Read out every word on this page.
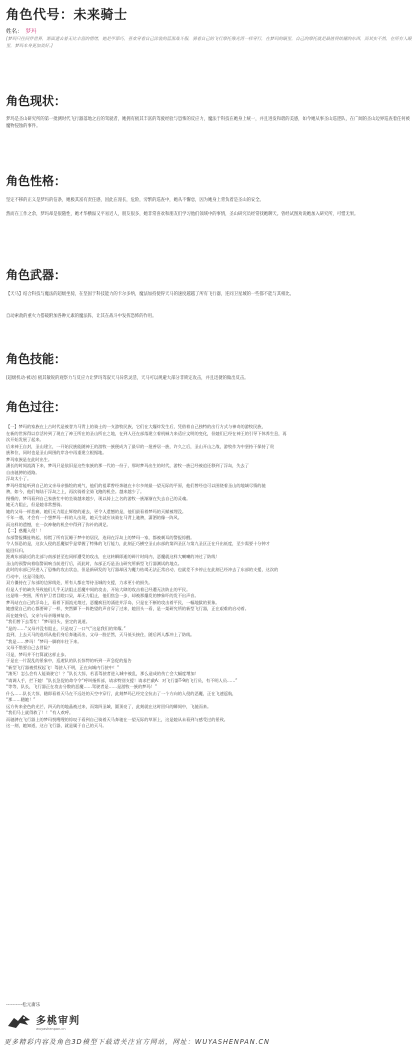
角色代号：未来骑士
姓名： 梦玛
[梦玛只往同伴世界，渐面遗去着无比丰富的情绪，她是甲耶巧，喜欢穿着自己涂装的蓝黑战斗服，骑着自己的飞行摩托像光湾一样穿行，在梦玛的眼里，自己的摩托就是最值得炫耀的东西，而其实不然，在所有人眼里，梦玛本身更加美好。]
角色现状：
梦玛是圣山研究所的第一批测时代飞行器落地之后的驾驶者，她拥有极其丰富的驾驶经验与恐怖的反应力，魔法于科技在她身上统一，并且进发和谐的美感，如今她从事圣山巡逻队，在广阔的圣山边界巡查着任何被魔物侵蚀的事件。
角色性格：
坚定不移的正义是梦玛的信条，她极其富有责任感，因此在漫长，危险，旁繁的巡查中，她从不懈怠，因为她身上背负着是圣山的安全。
然而在工作之余，梦玛却是很随性，她才华横溢又平易近人，朋友很多，她非常喜欢和朋友们学习他们领域中的事情，圣山研究员经常找她聊天。曾经试图劝说她加入研究所，可惜无果。
角色武器：
【天马】结合科技与魔法的超级坐骑，在坚固于科技能力的卡尔多纳，魔法加持使得天马的速度越越了所有飞行器，连同卫星城的一些都不能与其相比。
自动索敌的重火力搭载附加各种元素的魔法阵，让其在战斗中发挥恐怖的作用。
角色技能：
[超级机动·被动] 极其敏锐的观察力与反应力让梦玛驾驭天马异常灵活，天马可以规避大部分非锁定攻击，并且迅捷的做出反击。
角色过往：

【一】梦玛的家族在上古时代是被誉为马背上的骑士的一支游牧民族，它们在大爆炸发生后，凭借着自己独特的出行方式与神奇的游牧民族，

在新的世界得以存活传到了现在了神王所在的圣山所在之地，在到人还在部落建立着机械力来适应文明的变化，但她们已经在神王的引导下休养生息，再

次开始发展了起来。

后来神王自封，圣山建立，一开始民族能随神王的游牧一族便成为了最早的一批善居一族，许久之后，圣山开山之战，游牧作为中坚持干保持了贵

族和位，同时也是圣山周围的岸各中再重建立根据地。

梦玛家族是在此时出生。

潘长的时间流淌下来，梦玛只是依旧是这些家族的那一代的一份子，那时梦玛出生的时代，游牧一族已经被追还移到了浮岛，失去了

自由驰骋的道路。

浮岛太小了。

梦玛经常能听到自己的父亲母亲描绘的观气，他们的祖辈曾经奔驰在卡尔多纳最一望无际的平原，他们曾经也可以围绕着圣山的地域尽情的驰

骋，如今，他们每陆于浮岛之上，再次骑着全骑飞跑的机会。越来越少了。

慢慢的，梦玛看到自己家族忙中的坐骑越来越少，现以骑上之名的游牧一族渐渐在失去自己的灵魂。

她无力阻止，但是她非常想骑。

她的父母一样悲痛，她们无力阻止辉煌的逝去，更令人遗憾的是，他们最看着梦玛的天赋被埋没。

千年一遇，才会有一个想梦玛一样的人出现，她天生就应该骑在马背上驰骋，潇洒的像一阵风。

而这样的遗憾，在一次神秘的机会中得到了弥补的满足。

【二】惑魔入侵！！

东部警报撕扯呐起，惊慌了所有沉睡于梦中的居民，连同在浮岛上的梦玛一家，都被刺耳的警报惊醒。

令人惊恐的是，这次入侵的恶魔似乎是掌握了特殊的飞行能力，此刻正巧横空圣山东部的第四圣区与第九圣区正在升出低度，至少需要十分钟才

能回归归。

距离东部最近的北部与南部甚至也同样遭受的攻击，在这转瞬即逝的碎片时间内，恶魔就这样大喇喇的冲过了防线！

圣山的预警向着临警闹响当前进行后，而此时，东部正巧是圣山研究所新型飞行器测试的地点。

此时的东部已经进入了恐怖的攻击状态，但是新研发的飞行器却因为魔力枯竭无法正常启动，也就差不多停止在此刻已经冲去了东部的支援，这次的

行动中，这是可能的。

双方僵持在了东部的边界线处，所有人都在等待圣城的支援，力求更小的损失。

但是人手的缺失导致他们几乎无法阻止恶魔中间的攻击，开始大肆的攻击着已经遭无法防止的平民。

这是唯一突围，所有护卫者目瞪口呆，却无力阻止，他们焦急一步，却被那爆发的惨象吓的发不出声音。

梦玛站在自己的浮岛上，看着下面流光熔过，恶魔疯狂的涌进并浮岛，只是在不断的攻击着平民，一幅地狱的景象。

她感觉自己的心都要碎了一样，突然脚下一阵绝望的声音穿了过来，她回头一看，是一架研究所的新型飞行器，正在艰难的启动着。

而在她身后，父亲与母亲眼神复杂。

“我们曾下去帮忙！”梦玛回头，坚定的说道。

“是的……”父母并没有阻止，只是叹了一口气“这是我们的荣耀。”

直到，上去天马的选项从他们身后奔驰而出，父母一脸茫然，天马低头接住，随后两人都冲上了防线。

“我是……梦玛！”梦玛一脚刹车往下来。

父母不惜要自己去冒险？

可是，梦玛并不打算就这样止步。

于是在一片混乱的景象中，巡逻队的队长惊愕的听到一声急促的报告

“新型飞行器被授权起飞！驾驶人不明，正在向城内行驶中！”

“滚死！怎么会有人能骑驶它！？”队长大惊，若喜驾驶者进入城中被乱，那么造成的伤亡会大幅度增加！

“请调人手，拦下她！”队长急促的命令令“呼叫指挥部，请求特别支援！请求拦截A：对飞行器T-9的飞行员，有不明人员……”

“等等，队长，飞行器正在攻击分散的恶魔……驾驶者是……是游牧一族的梦玛！”

什么……队长大惊，随即看着天马在不远处的天空中穿行，此刻梦玛已经完全抗击了一个方向的入侵的恶魔，正在飞速返航，

“那……随她！”

远方传来金色的光芒，四天的的地晶被过来，而第四圣域，圆顶亮了，此刻就在这时回归的瞬间中，飞驰而来。

“我们马上就得救了！！”有人欢呼。

而驰骋在飞行器上的梦玛悦嗖嗖的惊叹于看到自己骑着天马奔驰在一望无际的草原上，这是她从未看到与感受过的景致。

这一刻，她知道，这台飞行器，就是属于自己的天马。

----------松元庸乐
多桃审判
wuyashenpan.cn
更多精彩内容及角色3D模型下载请关注官方网站，网址：WUYASHENPAN.CN
